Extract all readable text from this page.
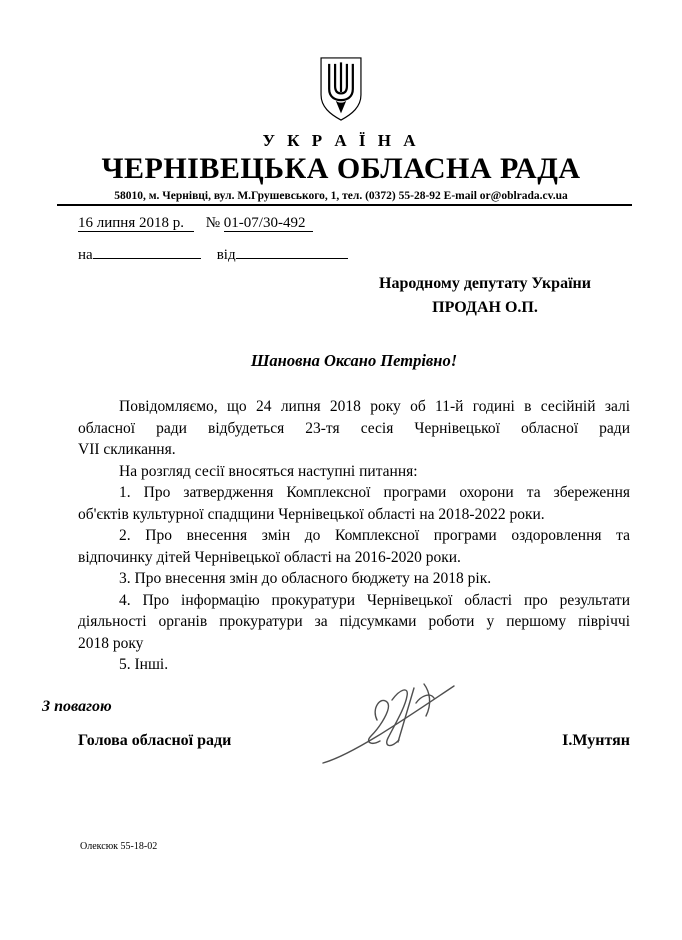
У К Р А Ї Н А
ЧЕРНІВЕЦЬКА ОБЛАСНА РАДА
58010, м. Чернівці, вул. М.Грушевського, 1, тел. (0372) 55-28-92 E-mail or@oblrada.cv.ua
16 липня 2018 р. № 01-07/30-492
на	від
Народному депутату України
ПРОДАН О.П.
Шановна Оксано Петрівно!
Повідомляємо, що 24 липня 2018 року об 11-й годині в сесійній залі
обласної ради відбудеться 23-тя сесія Чернівецької обласної ради
VII скликання.
На розгляд сесії вносяться наступні питання:
1. Про затвердження Комплексної програми охорони та збереження
об'єктів культурної спадщини Чернівецької області на 2018-2022 роки.
2. Про внесення змін до Комплексної програми оздоровлення та
відпочинку дітей Чернівецької області на 2016-2020 роки.
3. Про внесення змін до обласного бюджету на 2018 рік.
4. Про інформацію прокуратури Чернівецької області про результати
діяльності органів прокуратури за підсумками роботи у першому півріччі
2018 року
5. Інші.
З повагою
Голова обласної ради	І.Мунтян
Олексюк 55-18-02
